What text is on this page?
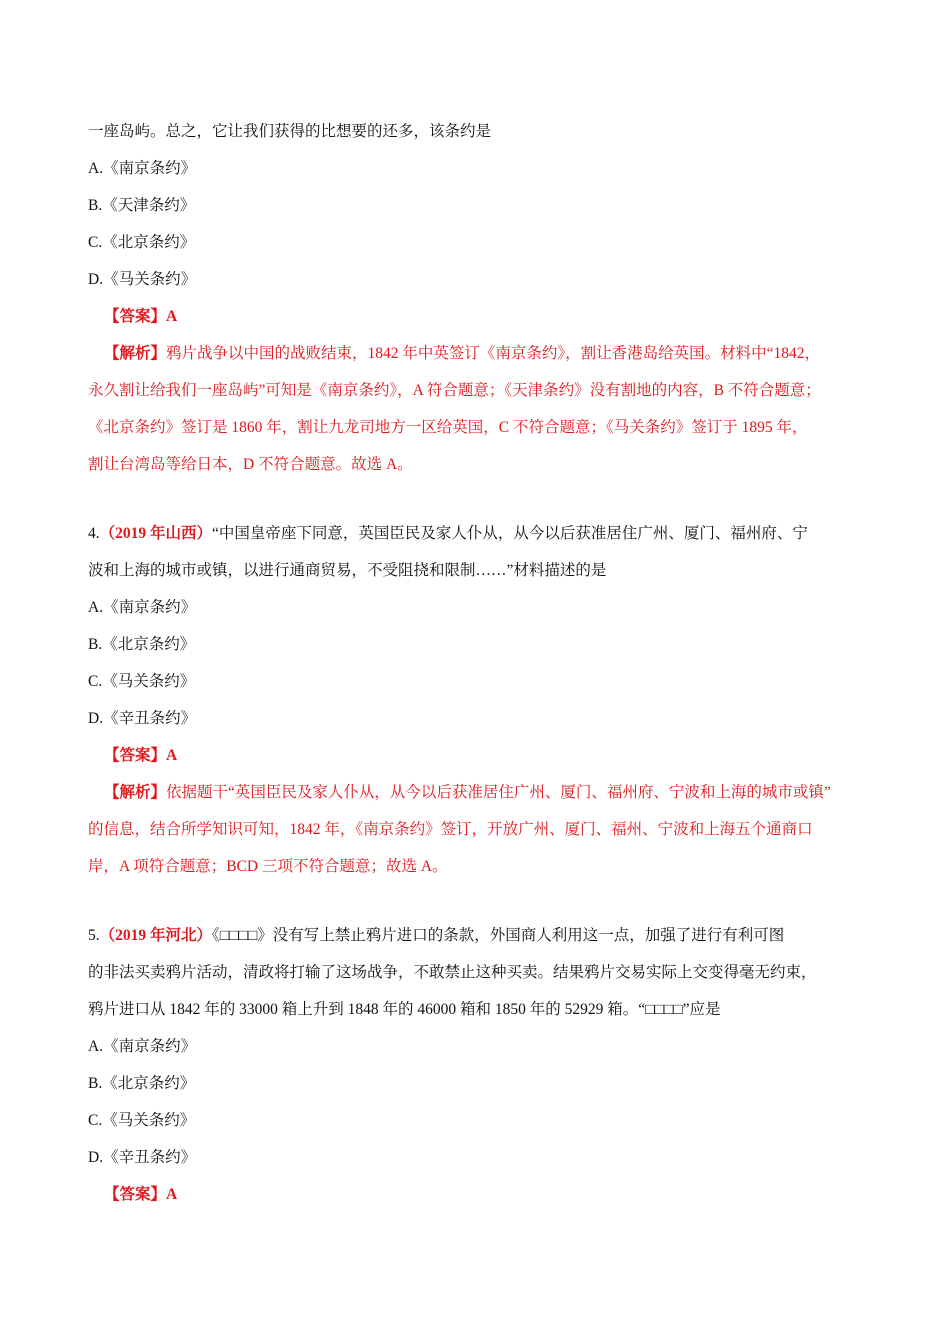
一座岛屿。总之，它让我们获得的比想要的还多，该条约是
A.《南京条约》
B.《天津条约》
C.《北京条约》
D.《马关条约》
【答案】A
【解析】鸦片战争以中国的战败结束，1842 年中英签订《南京条约》，割让香港岛给英国。材料中“1842，
永久割让给我们一座岛屿”可知是《南京条约》，A 符合题意；《天津条约》没有割地的内容，B 不符合题意；
《北京条约》签订是 1860 年，割让九龙司地方一区给英国，C 不符合题意；《马关条约》签订于 1895 年，
割让台湾岛等给日本，D 不符合题意。故选 A。
4.（2019 年山西）“中国皇帝座下同意，英国臣民及家人仆从，从今以后获准居住广州、厦门、福州府、宁
波和上海的城市或镇，以进行通商贸易，不受阻挠和限制……”材料描述的是
A.《南京条约》
B.《北京条约》
C.《马关条约》
D.《辛丑条约》
【答案】A
【解析】依据题干“英国臣民及家人仆从，从今以后获准居住广州、厦门、福州府、宁波和上海的城市或镇”
的信息，结合所学知识可知，1842 年，《南京条约》签订，开放广州、厦门、福州、宁波和上海五个通商口
岸，A 项符合题意；BCD 三项不符合题意；故选 A。
5.（2019 年河北）《□□□□》没有写上禁止鸦片进口的条款，外国商人利用这一点，加强了进行有利可图
的非法买卖鸦片活动，清政将打输了这场战争，不敢禁止这种买卖。结果鸦片交易实际上交变得毫无约束，
鸦片进口从 1842 年的 33000 箱上升到 1848 年的 46000 箱和 1850 年的 52929 箱。“□□□□”应是
A.《南京条约》
B.《北京条约》
C.《马关条约》
D.《辛丑条约》
【答案】A
